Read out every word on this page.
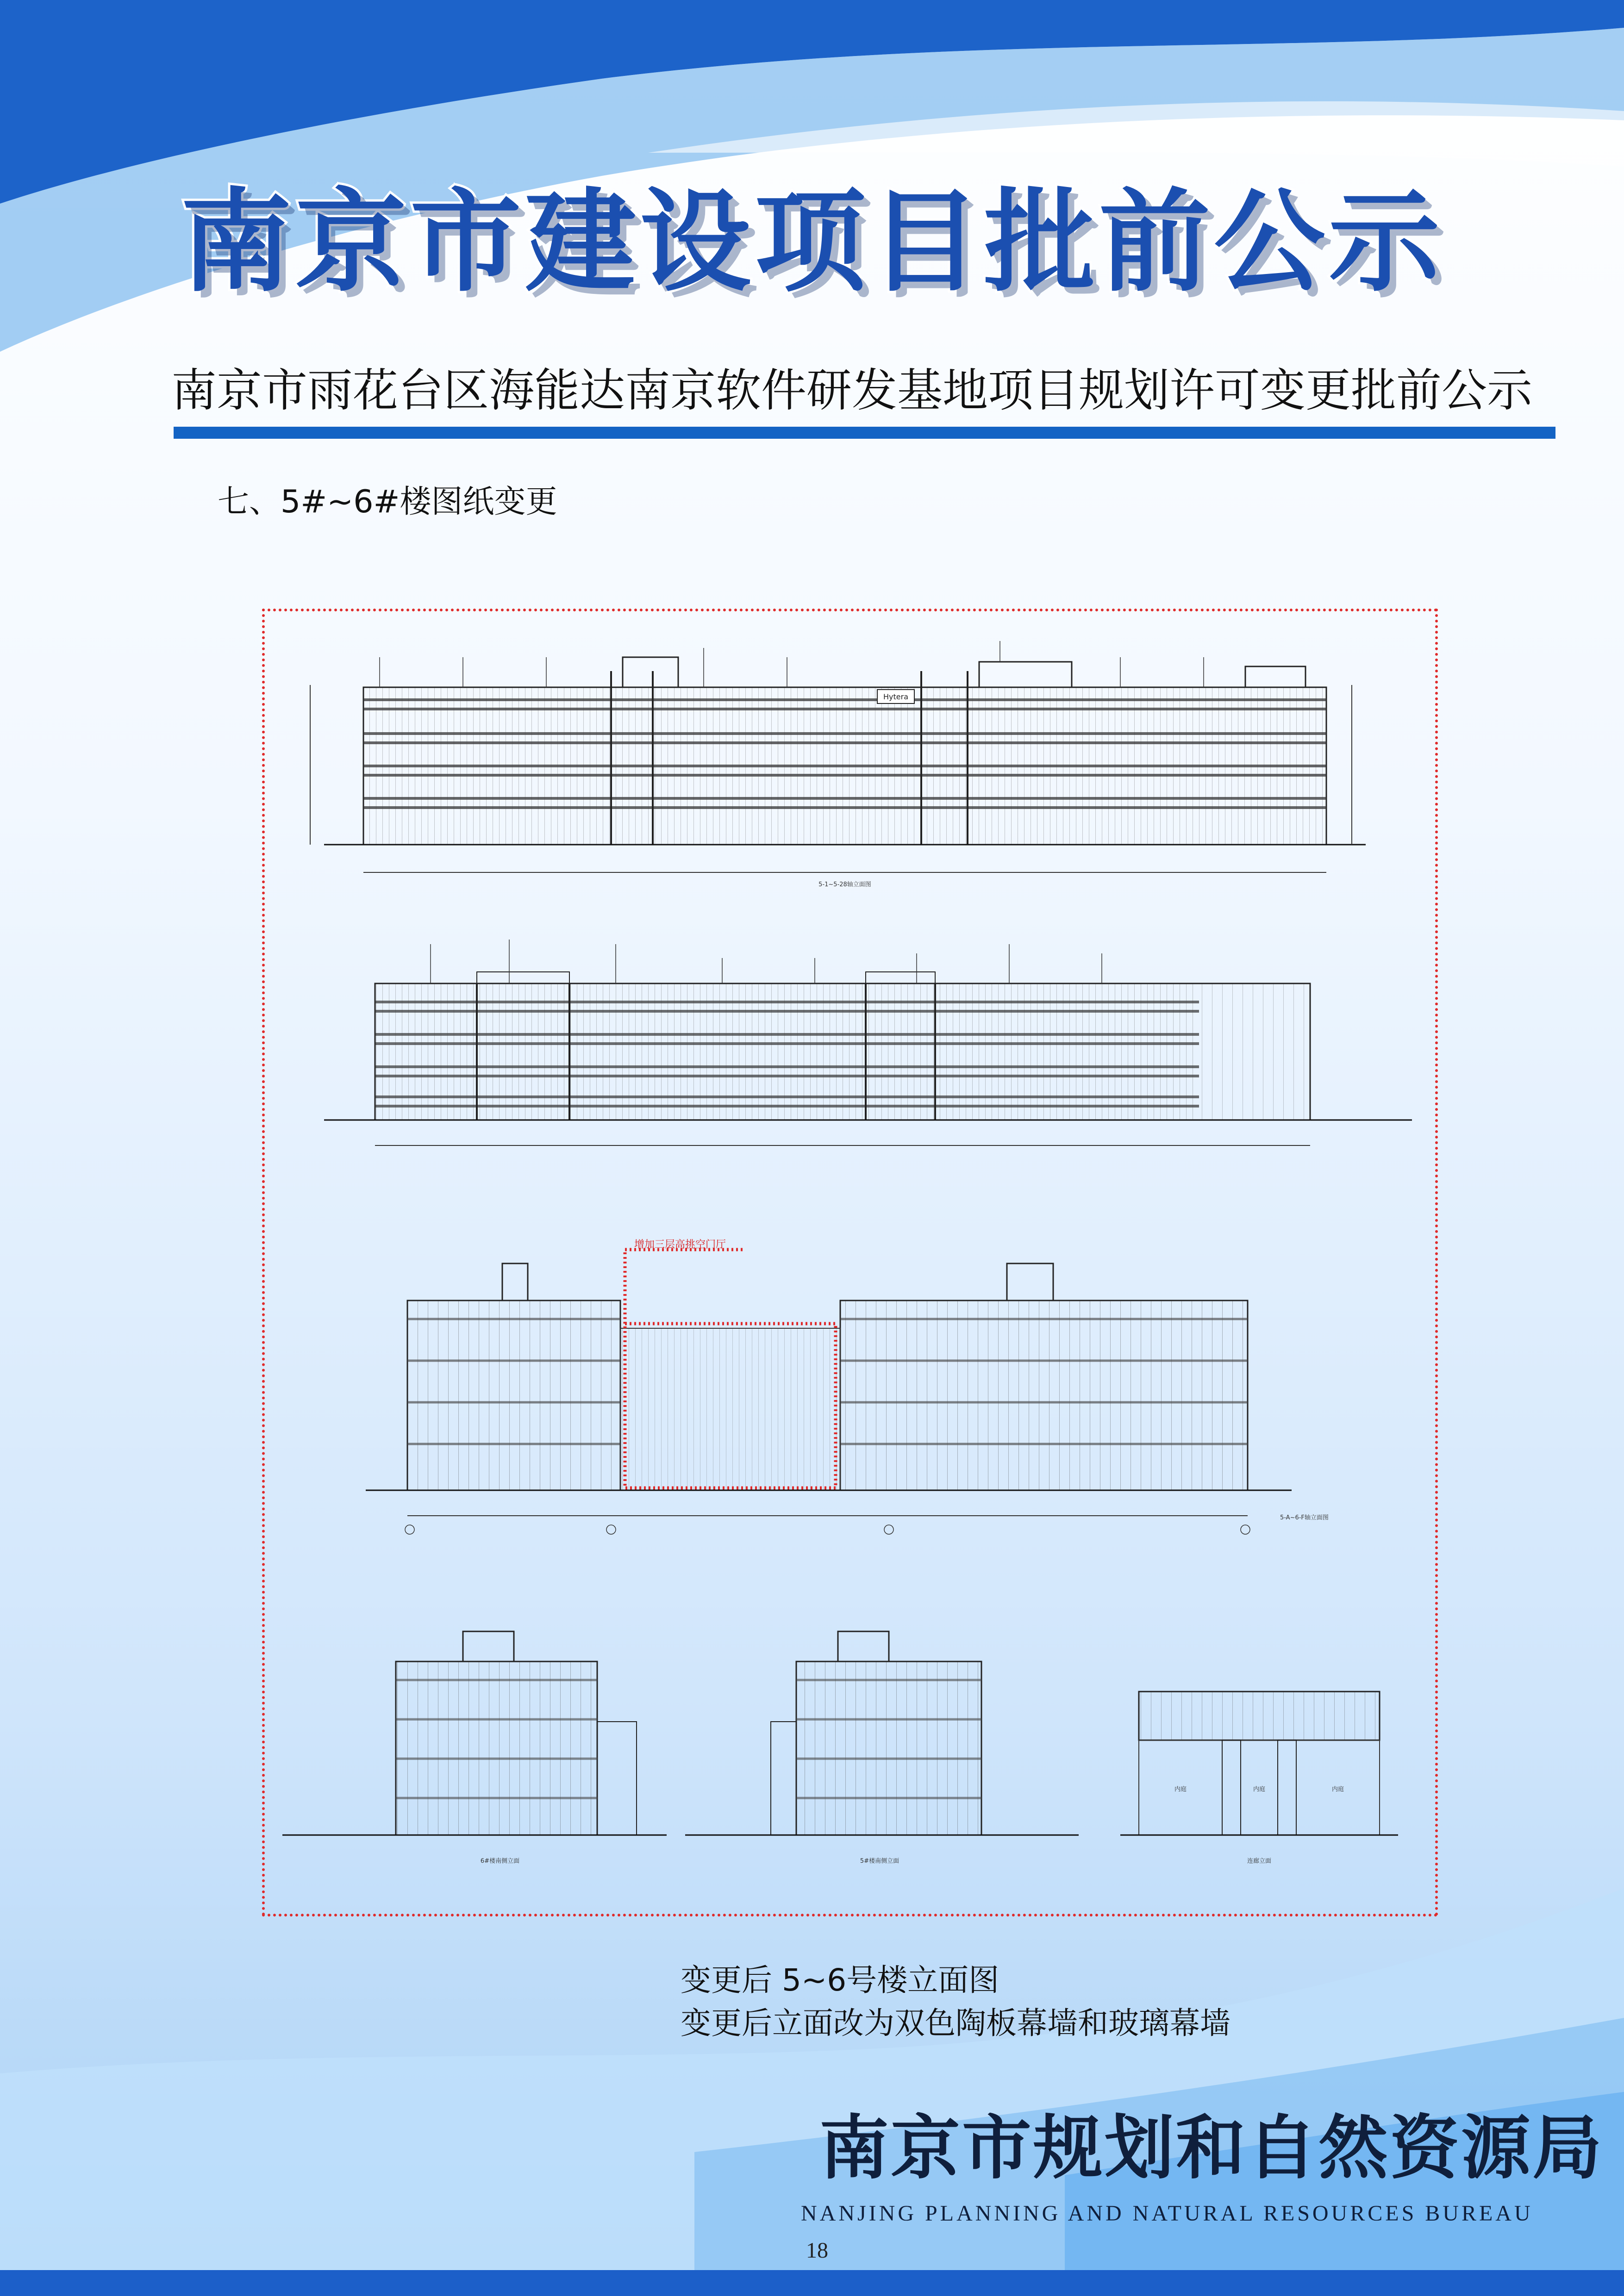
南京市建设项目批前公示
南京市雨花台区海能达南京软件研发基地项目规划许可变更批前公示
七、5#~6#楼图纸变更
Hytera
5-1~5-28轴立面图
增加三层高挑空门厅
5-A~6-F轴立面图
6#楼南侧立面	5#楼南侧立面
内庭	内庭	内庭
连廊立面
变更后 5~6号楼立面图
变更后立面改为双色陶板幕墙和玻璃幕墙
南京市规划和自然资源局
NANJING PLANNING AND NATURAL RESOURCES BUREAU
18
